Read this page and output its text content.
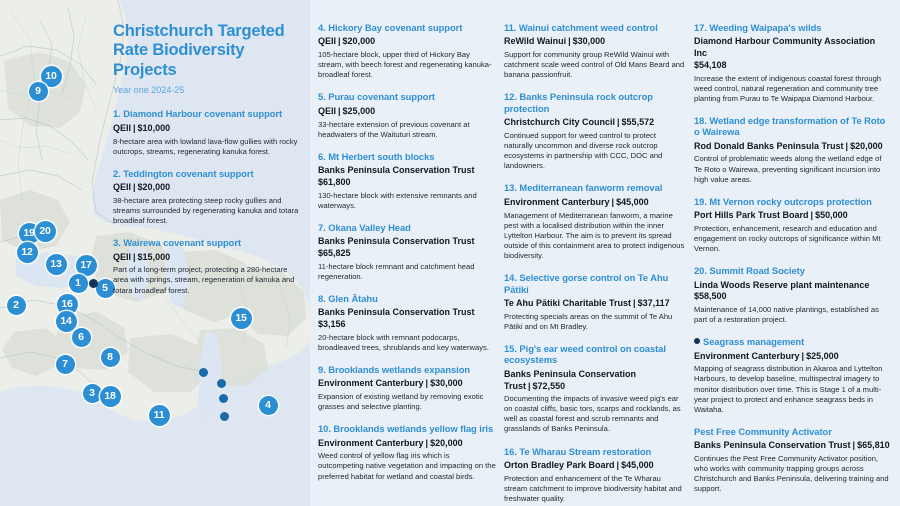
10
9
19 20
12
13	17
1	5
2	16
14
6
8
7
3 18
11
15
4
Christchurch Targeted
Rate Biodiversity Projects
Year one 2024-25
1. Diamond Harbour covenant support
QEII | $10,000
8-hectare area with lowland lava-flow gullies with rocky outcrops, streams, regenerating kanuka forest.
2. Teddington covenant support
QEII | $20,000
38-hectare area protecting steep rocky gullies and streams surrounded by regenerating kanuka and totara broadleaf forest.
3. Wairewa covenant support
QEII | $15,000
Part of a long-term project, protecting a 280-hectare area with springs, stream, regeneration of kanuka and totara broadleaf forest.
4. Hickory Bay covenant support
QEII | $20,000
105-hectare block, upper third of Hickory Bay stream, with beech forest and regenerating kanuka-broadleaf forest.
5. Purau covenant support
QEII | $25,000
33-hectare extension of previous covenant at headwaters of the Waituturi stream.
6. Mt Herbert south blocks
Banks Peninsula Conservation Trust
$61,800
130-hectare block with extensive remnants and waterways.
7. Okana Valley Head
Banks Peninsula Conservation Trust
$65,825
11-hectare block remnant and catchment head regeneration.
8. Glen Ātahu
Banks Peninsula Conservation Trust
$3,156
20-hectare block with remnant podocarps, broadleaved trees, shrublands and key waterways.
9. Brooklands wetlands expansion
Environment Canterbury | $30,000
Expansion of existing wetland by removing exotic grasses and selective planting.
10. Brooklands wetlands yellow flag iris
Environment Canterbury | $20,000
Weed control of yellow flag iris which is outcompeting native vegetation and impacting on the preferred habitat for wetland and coastal birds.
11. Wainui catchment weed control
ReWild Wainui | $30,000
Support for community group ReWild Wainui with catchment scale weed control of Old Mans Beard and banana passionfruit.
12. Banks Peninsula rock outcrop protection
Christchurch City Council | $55,572
Continued support for weed control to protect naturally uncommon and diverse rock outcrop ecosystems in partnership with CCC, DOC and landowners.
13. Mediterranean fanworm removal
Environment Canterbury | $45,000
Management of Mediterranean fanworm, a marine pest with a localised distribution within the inner Lyttelton Harbour. The aim is to prevent its spread outside of this containment area to protect indigenous biodiversity.
14. Selective gorse control on Te Ahu Pātiki
Te Ahu Pātiki Charitable Trust | $37,117
Protecting specials areas on the summit of Te Ahu Pātiki and on Mt Bradley.
15. Pig's ear weed control on coastal ecosystems
Banks Peninsula Conservation Trust | $72,550
Documenting the impacts of invasive weed pig's ear on coastal cliffs, basic tors, scarps and rocklands, as well as coastal forest and scrub remnants and grasslands of Banks Peninsula.
16. Te Wharau Stream restoration
Orton Bradley Park Board | $45,000
Protection and enhancement of the Te Wharau stream catchment to improve biodiversity habitat and freshwater quality.
17. Weeding Waipapa's wilds
Diamond Harbour Community Association Inc
$54,108
Increase the extent of indigenous coastal forest through weed control, natural regeneration and community tree planting from Purau to Te Waipapa Diamond Harbour.
18. Wetland edge transformation of Te Roto o Wairewa
Rod Donald Banks Peninsula Trust | $20,000
Control of problematic weeds along the wetland edge of Te Roto o Wairewa, preventing significant incursion into high value areas.
19. Mt Vernon rocky outcrops protection
Port Hills Park Trust Board | $50,000
Protection, enhancement, research and education and engagement on rocky outcrops of significance within Mt Vernon.
20. Summit Road Society
Linda Woods Reserve plant maintenance
$58,500
Maintenance of 14,000 native plantings, established as part of a restoration project.
Seagrass management
Environment Canterbury | $25,000
Mapping of seagrass distribution in Akaroa and Lyttelton Harbours, to develop baseline, multispectral imagery to monitor distribution over time. This is Stage 1 of a multi-year project to protect and enhance seagrass beds in Waitaha.
Pest Free Community Activator
Banks Peninsula Conservation Trust | $65,810
Continues the Pest Free Community Activator position, who works with community trapping groups across Christchurch and Banks Peninsula, delivering training and support.
